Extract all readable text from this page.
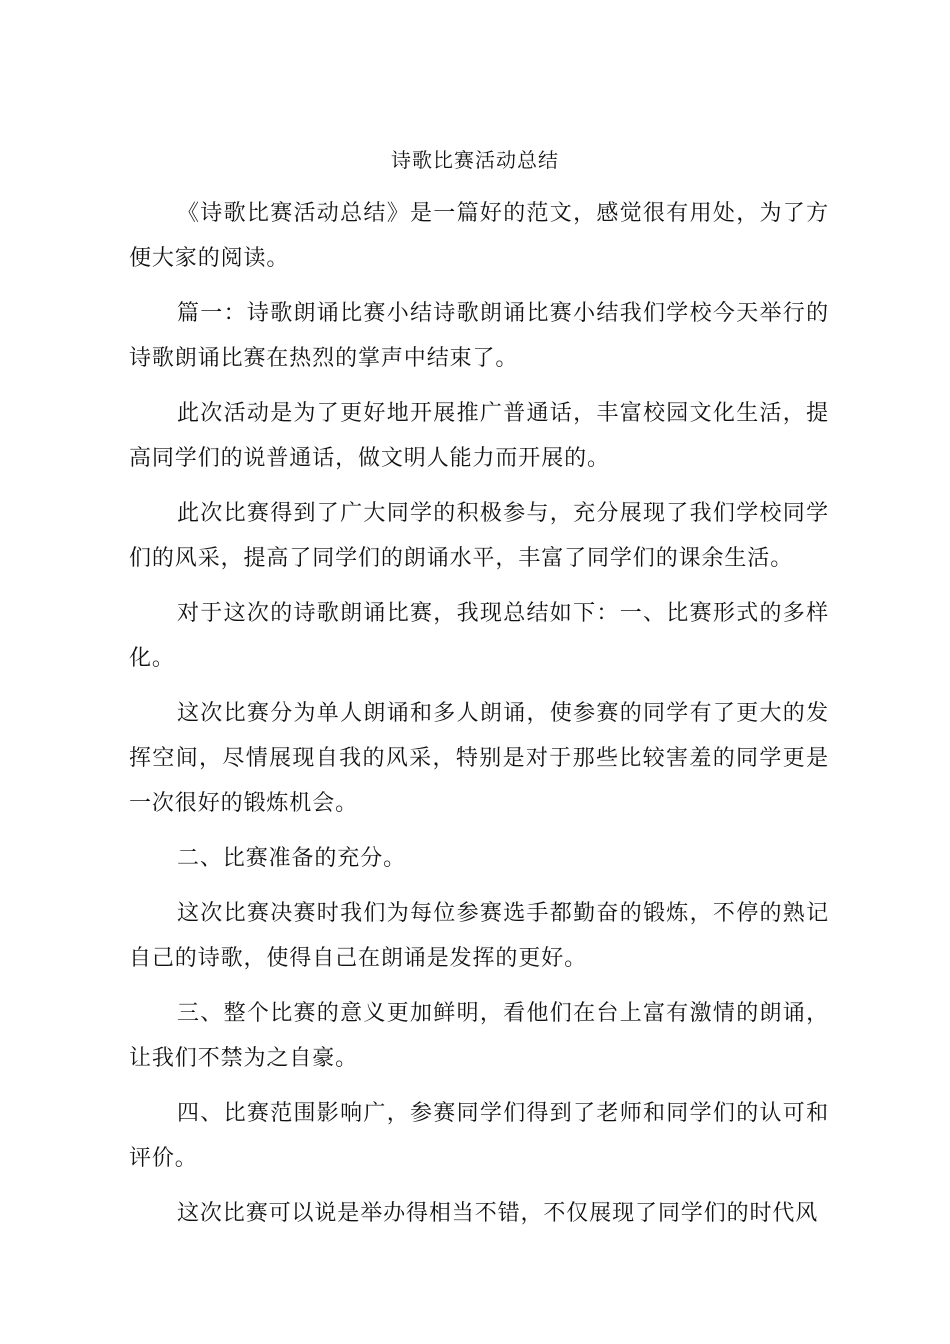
诗歌比赛活动总结

《诗歌比赛活动总结》是一篇好的范文，感觉很有用处，为了方便大家的阅读。

篇一：诗歌朗诵比赛小结诗歌朗诵比赛小结我们学校今天举行的诗歌朗诵比赛在热烈的掌声中结束了。

此次活动是为了更好地开展推广普通话，丰富校园文化生活，提高同学们的说普通话，做文明人能力而开展的。

此次比赛得到了广大同学的积极参与，充分展现了我们学校同学们的风采，提高了同学们的朗诵水平，丰富了同学们的课余生活。

对于这次的诗歌朗诵比赛，我现总结如下：一、比赛形式的多样化。

这次比赛分为单人朗诵和多人朗诵，使参赛的同学有了更大的发挥空间，尽情展现自我的风采，特别是对于那些比较害羞的同学更是一次很好的锻炼机会。

二、比赛准备的充分。

这次比赛决赛时我们为每位参赛选手都勤奋的锻炼，不停的熟记自己的诗歌，使得自己在朗诵是发挥的更好。

三、整个比赛的意义更加鲜明，看他们在台上富有激情的朗诵，让我们不禁为之自豪。

四、比赛范围影响广，参赛同学们得到了老师和同学们的认可和评价。

这次比赛可以说是举办得相当不错，不仅展现了同学们的时代风
